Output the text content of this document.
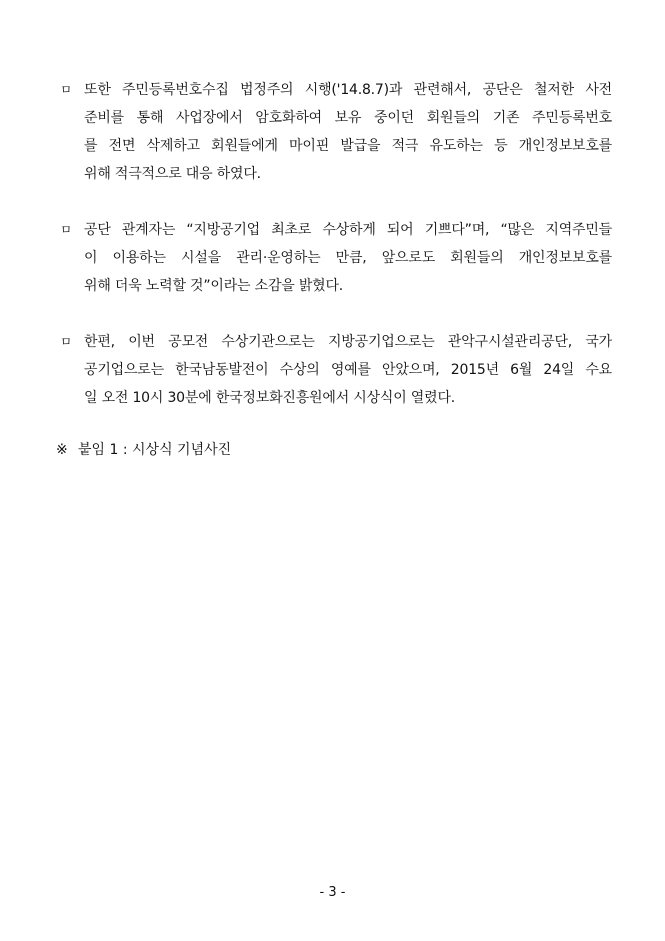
ㅁ 또한 주민등록번호수집 법정주의 시행('14.8.7)과 관련해서, 공단은 철저한 사전
준비를 통해 사업장에서 암호화하여 보유 중이던 회원들의 기존 주민등록번호
를 전면 삭제하고 회원들에게 마이핀 발급을 적극 유도하는 등 개인정보보호를
위해 적극적으로 대응 하였다.
ㅁ 공단 관계자는 “지방공기업 최초로 수상하게 되어 기쁘다”며, “많은 지역주민들
이 이용하는 시설을 관리·운영하는 만큼, 앞으로도 회원들의 개인정보보호를
위해 더욱 노력할 것”이라는 소감을 밝혔다.
ㅁ 한편, 이번 공모전 수상기관으로는 지방공기업으로는 관악구시설관리공단, 국가
공기업으로는 한국남동발전이 수상의 영예를 안았으며, 2015년 6월 24일 수요
일 오전 10시 30분에 한국정보화진흥원에서 시상식이 열렸다.
※ 붙임 1 : 시상식 기념사진
- 3 -
